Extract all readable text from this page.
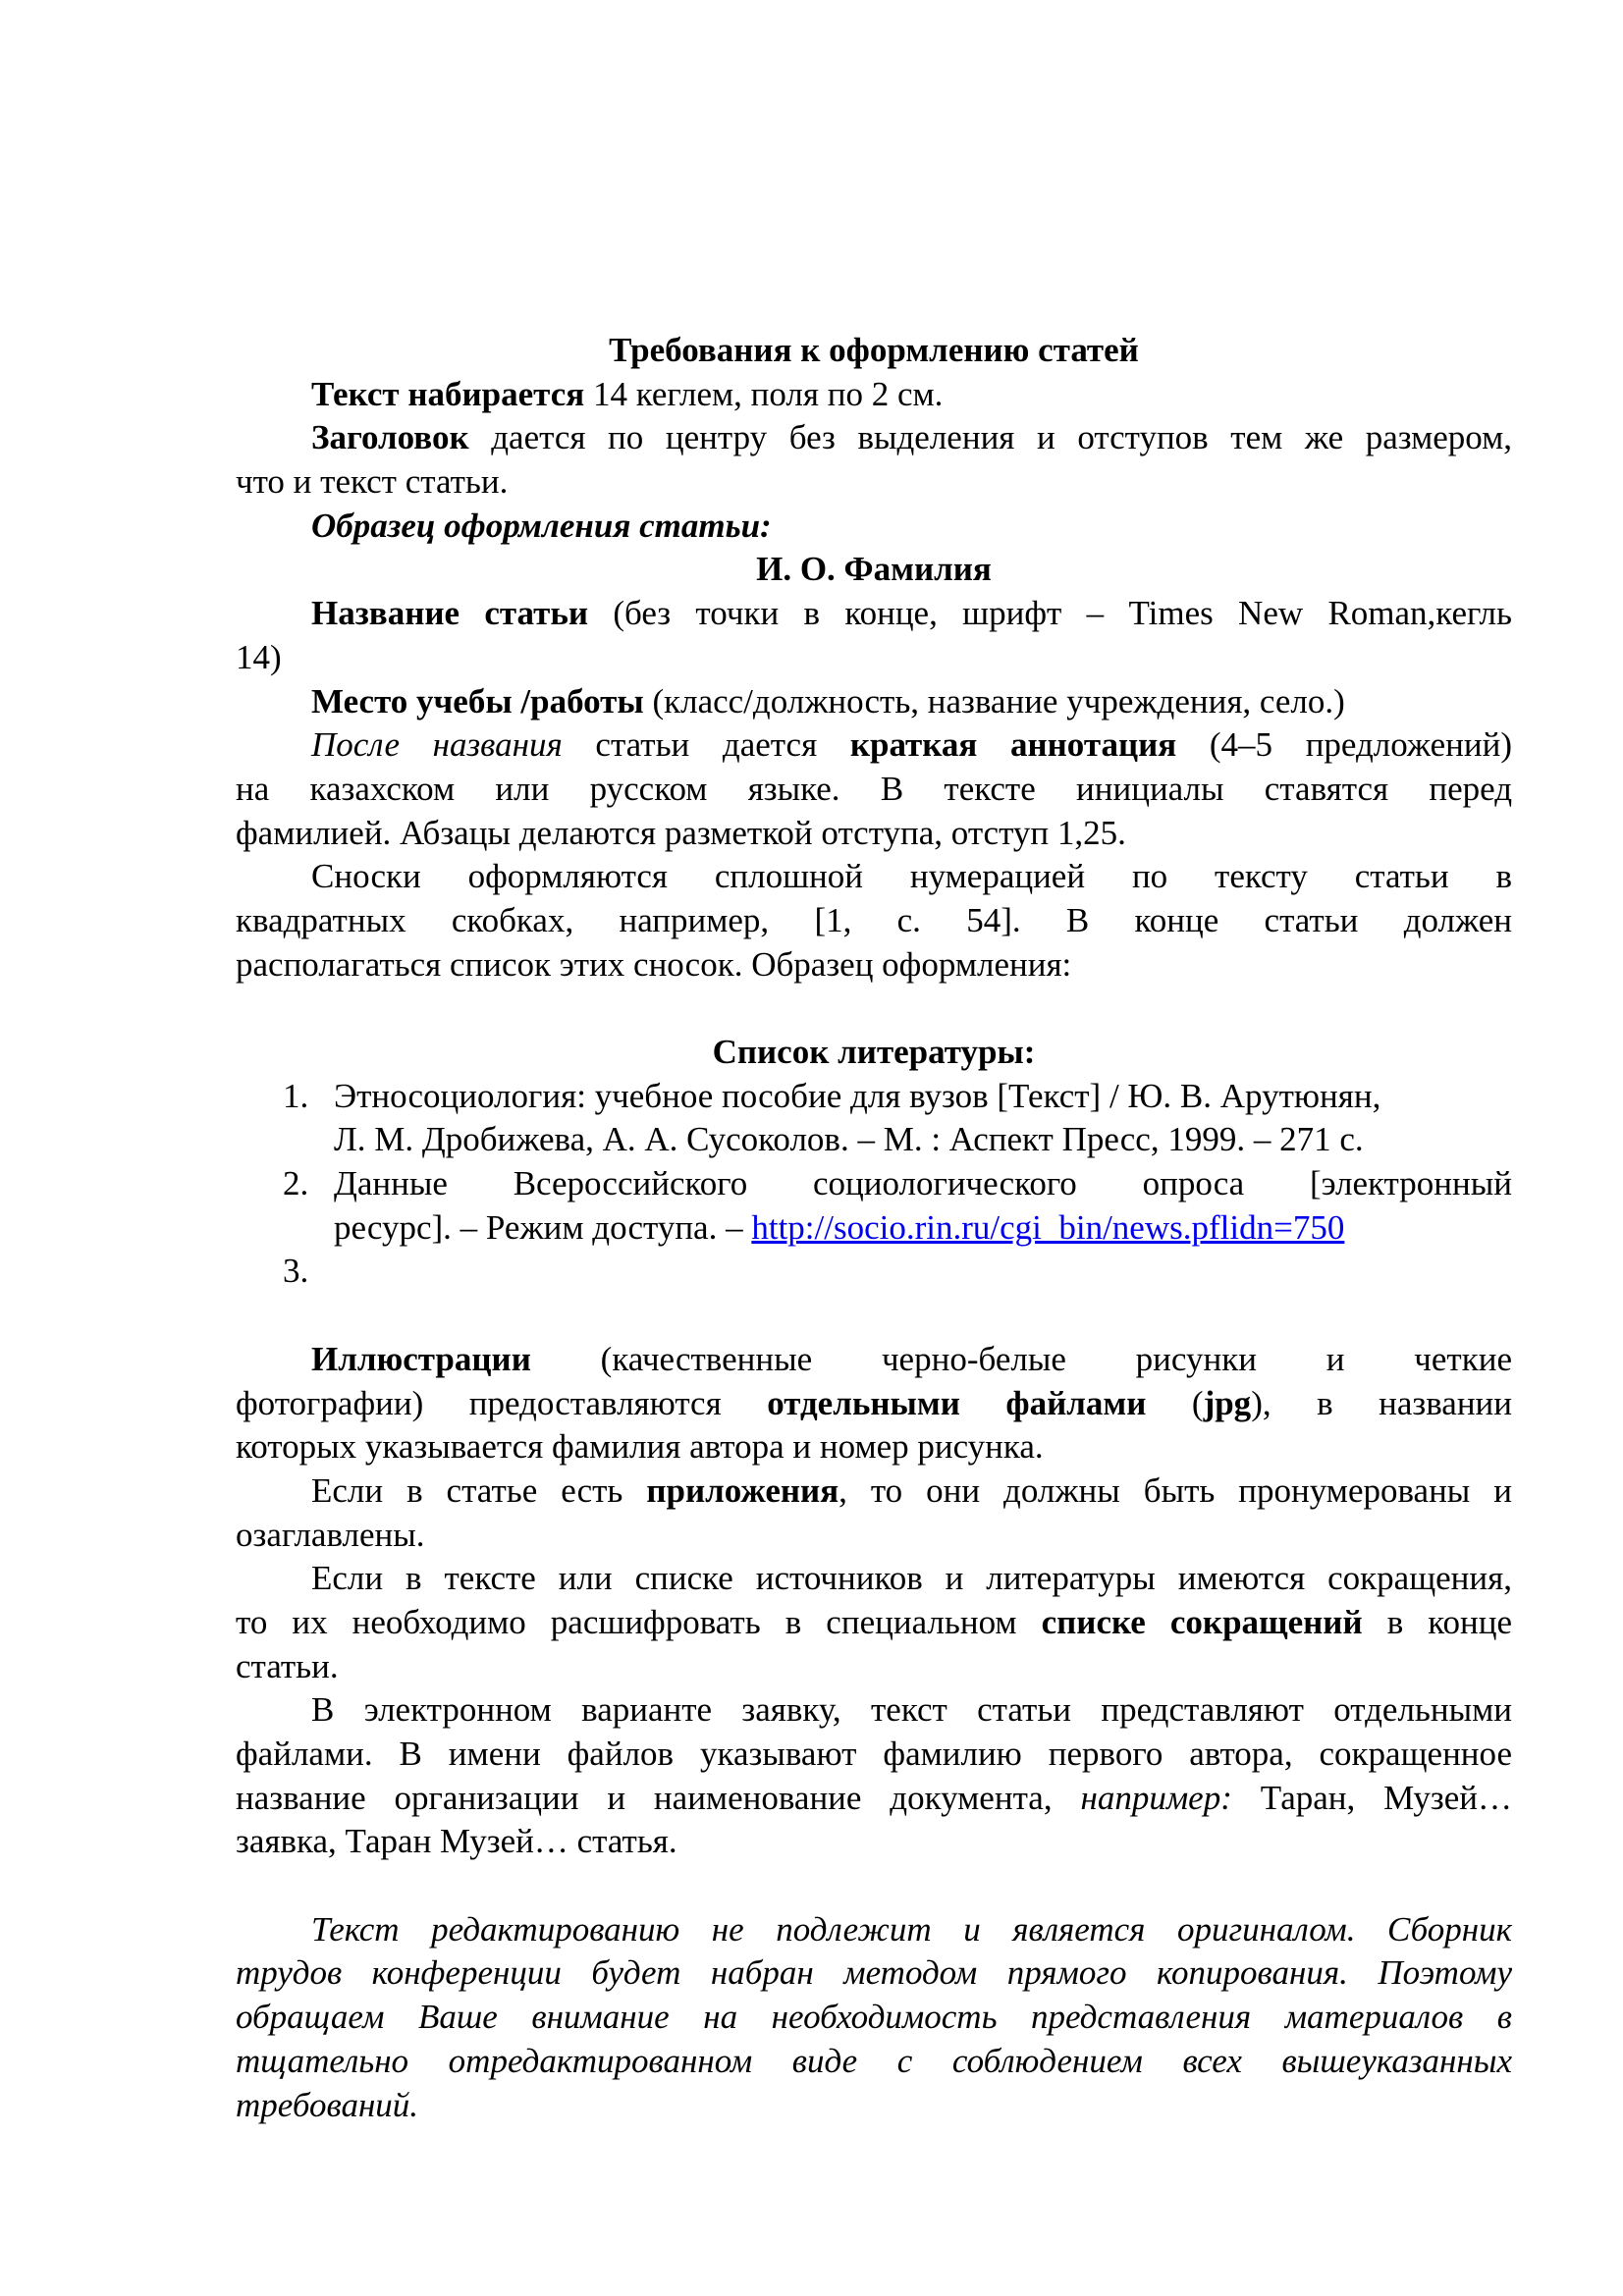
Требования к оформлению статей
Текст набирается 14 кеглем, поля по 2 см.
Заголовок дается по центру без выделения и отступов тем же размером,
что и текст статьи.
Образец оформления статьи:
И. О. Фамилия
Название статьи (без точки в конце, шрифт – Times New Roman,кегль
14)
Место учебы /работы (класс/должность, название учреждения, село.)
После названия статьи дается краткая аннотация (4–5 предложений)
на казахском или русском языке. В тексте инициалы ставятся перед
фамилией. Абзацы делаются разметкой отступа, отступ 1,25.
Сноски оформляются сплошной нумерацией по тексту статьи в
квадратных скобках, например, [1, с. 54]. В конце статьи должен
располагаться список этих сносок. Образец оформления:
Список литературы:
1. Этносоциология: учебное пособие для вузов [Текст] / Ю. В. Арутюнян,
Л. М. Дробижева, А. А. Сусоколов. – М. : Аспект Пресс, 1999. – 271 с.
2. Данные Всероссийского социологического опроса [электронный
ресурс]. – Режим доступа. – http://socio.rin.ru/cgi_bin/news.pflidn=750
3.
Иллюстрации (качественные черно-белые рисунки и четкие
фотографии) предоставляются отдельными файлами (jpg), в названии
которых указывается фамилия автора и номер рисунка.
Если в статье есть приложения, то они должны быть пронумерованы и
озаглавлены.
Если в тексте или списке источников и литературы имеются сокращения,
то их необходимо расшифровать в специальном списке сокращений в конце
статьи.
В электронном варианте заявку, текст статьи представляют отдельными
файлами. В имени файлов указывают фамилию первого автора, сокращенное
название организации и наименование документа, например: Таран, Музей…
заявка, Таран Музей… статья.
Текст редактированию не подлежит и является оригиналом. Сборник
трудов конференции будет набран методом прямого копирования. Поэтому
обращаем Ваше внимание на необходимость представления материалов в
тщательно отредактированном виде с соблюдением всех вышеуказанных
требований.
